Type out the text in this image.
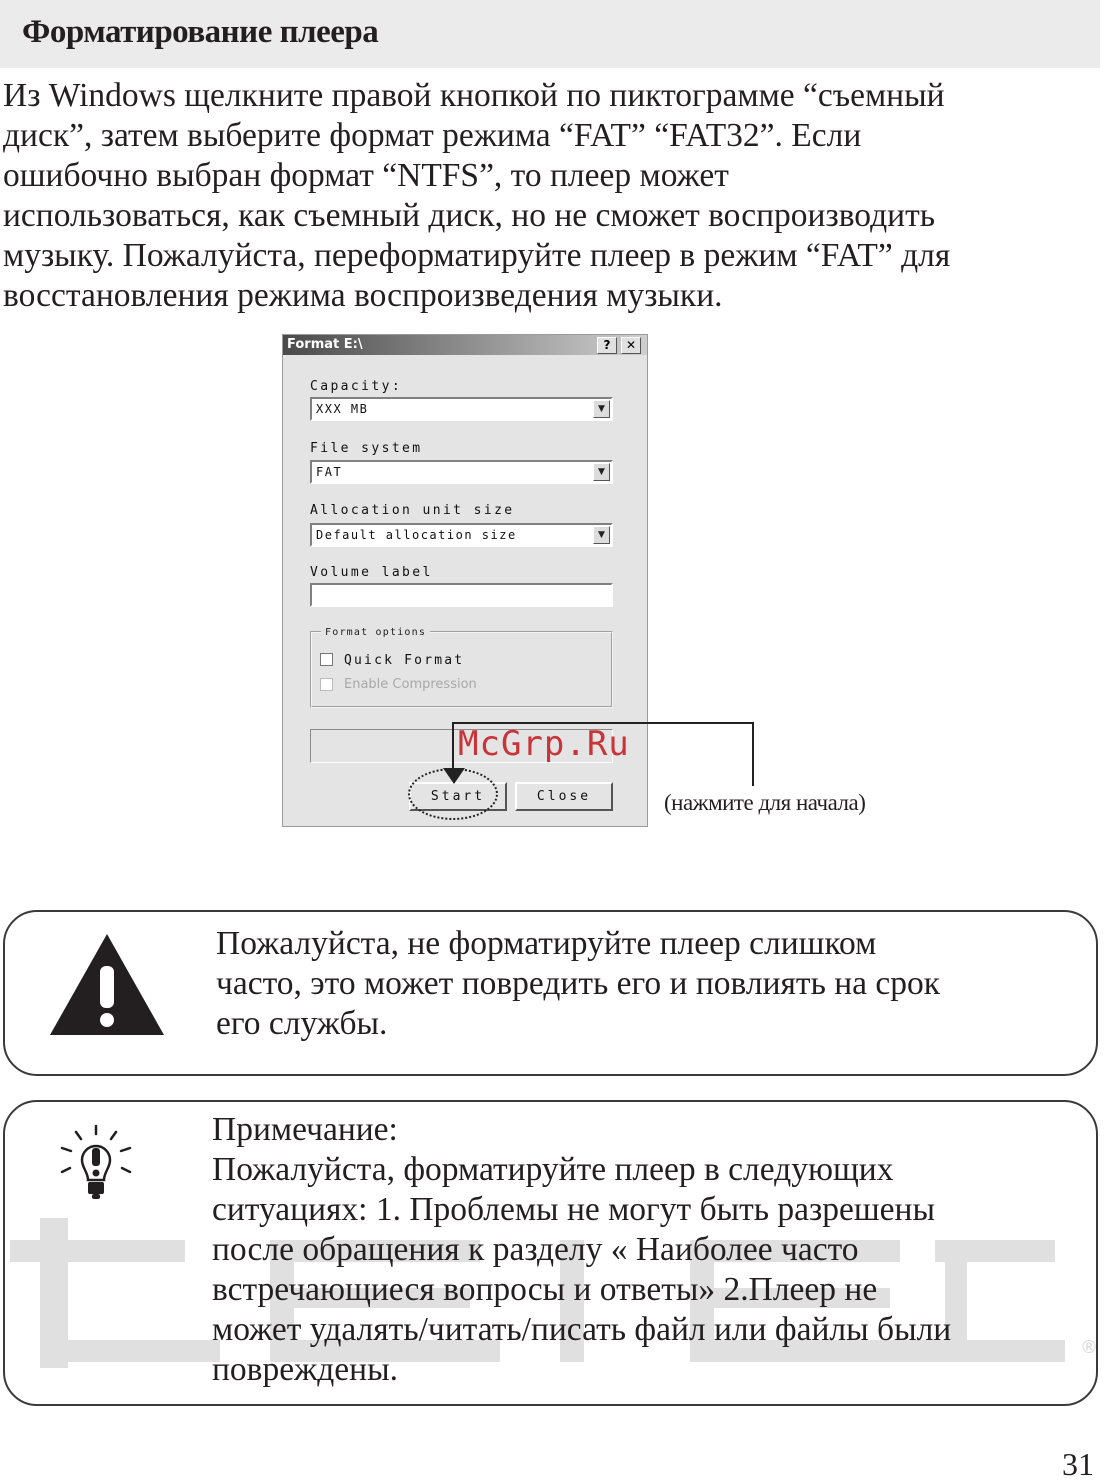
Форматирование плеера
Из Windows щелкните правой кнопкой по пиктограмме “съемный
диск”, затем выберите формат режима “FAT” “FAT32”. Если
ошибочно выбран формат “NTFS”, то плеер может
использоваться, как съемный диск, но не сможет воспроизводить
музыку. Пожалуйста, переформатируйте плеер в режим “FAT” для
восстановления режима воспроизведения музыки.
Format E:\	?	✕
Capacity:
XXX MB	▼
File system
FAT	▼
Allocation unit size
Default allocation size	▼
Volume label
Format options
Quick Format
Enable Compression
Start	Close	(нажмите для начала)
McGrp.Ru
Пожалуйста, не форматируйте плеер слишком
часто, это может повредить его и повлиять на срок
его службы.
texet
®
Примечание:
Пожалуйста, форматируйте плеер в следующих
ситуациях: 1. Проблемы не могут быть разрешены
после обращения к разделу « Наиболее часто
встречающиеся вопросы и ответы» 2.Плеер не
может удалять/читать/писать файл или файлы были
повреждены.
31
